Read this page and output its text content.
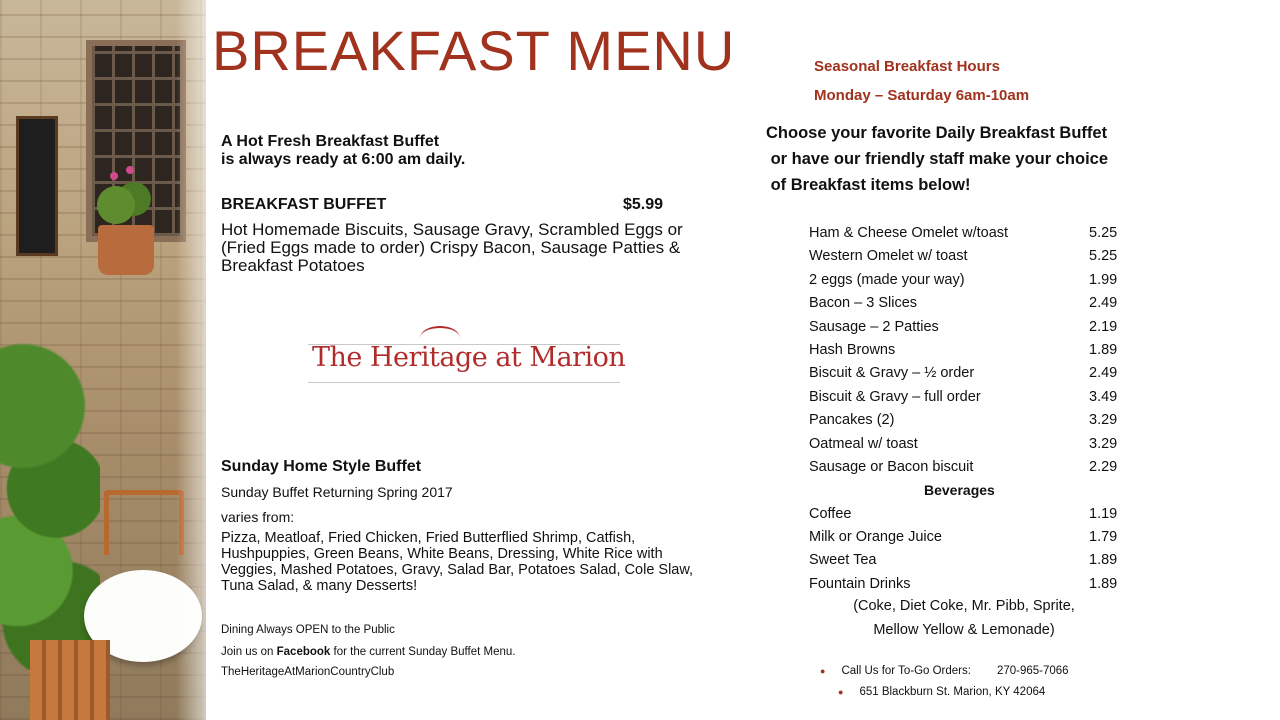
BREAKFAST MENU	Seasonal Breakfast Hours
Monday – Saturday 6am-10am
A Hot Fresh Breakfast Buffet
is always ready at 6:00 am daily.
BREAKFAST BUFFET	$5.99
Hot Homemade Biscuits, Sausage Gravy, Scrambled Eggs or (Fried Eggs made to order) Crispy Bacon, Sausage Patties & Breakfast Potatoes
The Heritage at Marion
Sunday Home Style Buffet
Sunday Buffet Returning Spring 2017
varies from:
Pizza, Meatloaf, Fried Chicken, Fried Butterflied Shrimp, Catfish, Hushpuppies, Green Beans, White Beans, Dressing, White Rice with Veggies, Mashed Potatoes, Gravy, Salad Bar, Potatoes Salad, Cole Slaw, Tuna Salad, & many Desserts!
Dining Always OPEN to the Public
Join us on Facebook for the current Sunday Buffet Menu.
TheHeritageAtMarionCountryClub
Choose your favorite Daily Breakfast Buffet
or have our friendly staff make your choice
of Breakfast items below!
Ham & Cheese Omelet w/toast	5.25
Western Omelet w/ toast	5.25
2 eggs (made your way)	1.99
Bacon – 3 Slices	2.49
Sausage – 2 Patties	2.19
Hash Browns	1.89
Biscuit & Gravy – ½ order	2.49
Biscuit & Gravy – full order	3.49
Pancakes (2)	3.29
Oatmeal w/ toast	3.29
Sausage or Bacon biscuit	2.29
Beverages
Coffee	1.19
Milk or Orange Juice	1.79
Sweet Tea	1.89
Fountain Drinks	1.89
(Coke, Diet Coke, Mr. Pibb, Sprite,
Mellow Yellow & Lemonade)
● Call Us for To-Go Orders: 270-965-7066
● 651 Blackburn St. Marion, KY 42064
